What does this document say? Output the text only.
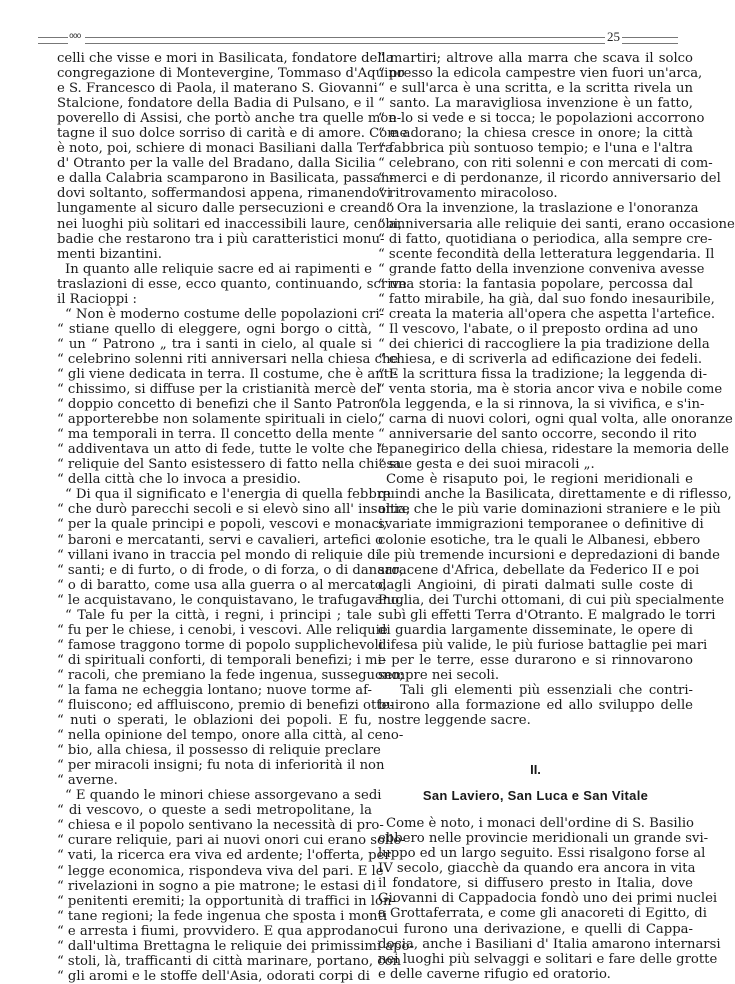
ooo	25

celli che visse e mori in Basilicata, fondatore della
congregazione di Montevergine, Tommaso d'Aquino
e S. Francesco di Paola, il materano S. Giovanni
Stalcione, fondatore della Badia di Pulsano, e il
poverello di Assisi, che portò anche tra quelle mon-
tagne il suo dolce sorriso di carità e di amore. Come
è noto, poi, schiere di monaci Basiliani dalla Terra
d' Otranto per la valle del Bradano, dalla Sicilia
e dalla Calabria scamparono in Basilicata, passan-
dovi soltanto, soffermandosi appena, rimanendovi
lungamente al sicuro dalle persecuzioni e creando
nei luoghi più solitari ed inaccessibili laure, cenobi,
badie che restarono tra i più caratteristici monu-
menti bizantini.

In quanto alle reliquie sacre ed ai rapimenti e
traslazioni di esse, ecco quanto, continuando, scrive
il Racioppi :

“ Non è moderno costume delle popolazioni cri-
“ stiane quello di eleggere, ogni borgo o città,
“ un “ Patrono „ tra i santi in cielo, al quale si
“ celebrino solenni riti anniversari nella chiesa che
“ gli viene dedicata in terra. Il costume, che è anti-
“ chissimo, si diffuse per la cristianità mercè del
“ doppio concetto di benefizi che il Santo Patrono
“ apporterebbe non solamente spirituali in cielo,
“ ma temporali in terra. Il concetto della mente
“ addiventava un atto di fede, tutte le volte che le
“ reliquie del Santo esistessero di fatto nella chiesa
“ della città che lo invoca a presidio.

“ Di qua il significato e l'energia di quella febbre
“ che durò parecchi secoli e si elevò sino all' insania;
“ per la quale principi e popoli, vescovi e monaci,
“ baroni e mercatanti, servi e cavalieri, artefici o
“ villani ivano in traccia pel mondo di reliquie di
“ santi; e di furto, o di frode, o di forza, o di danaro,
“ o di baratto, come usa alla guerra o al mercato,
“ le acquistavano, le conquistavano, le trafugavano.

“ Tale fu per la città, i regni, i principi ; tale
“ fu per le chiese, i cenobi, i vescovi. Alle reliquie
“ famose traggono torme di popolo supplichevoli
“ di spirituali conforti, di temporali benefizi; i mi-
“ racoli, che premiano la fede ingenua, susseguono;
“ la fama ne echeggia lontano; nuove torme af-
“ fluiscono; ed affluiscono, premio di benefizi otte-
“ nuti o sperati, le oblazioni dei popoli. E fu,
“ nella opinione del tempo, onore alla città, al ceno-
“ bio, alla chiesa, il possesso di reliquie preclare
“ per miracoli insigni; fu nota di inferiorità il non
“ averne.

“ E quando le minori chiese assorgevano a sedi
“ di vescovo, o queste a sedi metropolitane, la
“ chiesa e il popolo sentivano la necessità di pro-
“ curare reliquie, pari ai nuovi onori cui erano solle-
“ vati, la ricerca era viva ed ardente; l'offerta, per
“ legge economica, rispondeva viva del pari. E le
“ rivelazioni in sogno a pie matrone; le estasi di
“ penitenti eremiti; la opportunità di traffici in lon-
“ tane regioni; la fede ingenua che sposta i monti
“ e arresta i fiumi, provvidero. E qua approdano
“ dall'ultima Brettagna le reliquie dei primissimi apo-
“ stoli, là, trafficanti di città marinare, portano, con
“ gli aromi e le stoffe dell'Asia, odorati corpi di

“ martiri; altrove alla marra che scava il solco
“ presso la edicola campestre vien fuori un'arca,
“ e sull'arca è una scritta, e la scritta rivela un
“ santo. La maravigliosa invenzione è un fatto,
“ e lo si vede e si tocca; le popolazioni accorrono
“ e adorano; la chiesa cresce in onore; la città
“ fabbrica più sontuoso tempio; e l'una e l'altra
“ celebrano, con riti solenni e con mercati di com-
“ merci e di perdonanze, il ricordo anniversario del
“ ritrovamento miracoloso.

“ Ora la invenzione, la traslazione e l'onoranza
“ anniversaria alle reliquie dei santi, erano occasione
“ di fatto, quotidiana o periodica, alla sempre cre-
“ scente fecondità della letteratura leggendaria. Il
“ grande fatto della invenzione conveniva avesse
“ una storia: la fantasia popolare, percossa dal
“ fatto mirabile, ha già, dal suo fondo inesauribile,
“ creata la materia all'opera che aspetta l'artefice.
“ Il vescovo, l'abate, o il preposto ordina ad uno
“ dei chierici di raccogliere la pia tradizione della
“ chiesa, e di scriverla ad edificazione dei fedeli.
“ E la scrittura fissa la tradizione; la leggenda di-
“ venta storia, ma è storia ancor viva e nobile come
“ la leggenda, e la si rinnova, la si vivifica, e s'in-
“ carna di nuovi colori, ogni qual volta, alle onoranze
“ anniversarie del santo occorre, secondo il rito
“ panegirico della chiesa, ridestare la memoria delle
“ sue gesta e dei suoi miracoli „.

Come è risaputo poi, le regioni meridionali e
quindi anche la Basilicata, direttamente e di riflesso,
oltre che le più varie dominazioni straniere e le più
svariate immigrazioni temporanee o definitive di
colonie esotiche, tra le quali le Albanesi, ebbero
le più tremende incursioni e depredazioni di bande
saracene d'Africa, debellate da Federico II e poi
dagli Angioini, di pirati dalmati sulle coste di
Puglia, dei Turchi ottomani, di cui più specialmente
subì gli effetti Terra d'Otranto. E malgrado le torri
di guardia largamente disseminate, le opere di
difesa più valide, le più furiose battaglie pei mari
e per le terre, esse durarono e si rinnovarono
sempre nei secoli.

Tali gli elementi più essenziali che contri-
buirono alla formazione ed allo sviluppo delle
nostre leggende sacre.

II.
San Laviero, San Luca e San Vitale

Come è noto, i monaci dell'ordine di S. Basilio
ebbero nelle provincie meridionali un grande svi-
luppo ed un largo seguito. Essi risalgono forse al
IV secolo, giacchè da quando era ancora in vita
il fondatore, si diffusero presto in Italia, dove
Giovanni di Cappadocia fondò uno dei primi nuclei
a Grottaferrata, e come gli anacoreti di Egitto, di
cui furono una derivazione, e quelli di Cappa-
docia, anche i Basiliani d' Italia amarono internarsi
nei luoghi più selvaggi e solitari e fare delle grotte
e delle caverne rifugio ed oratorio.
